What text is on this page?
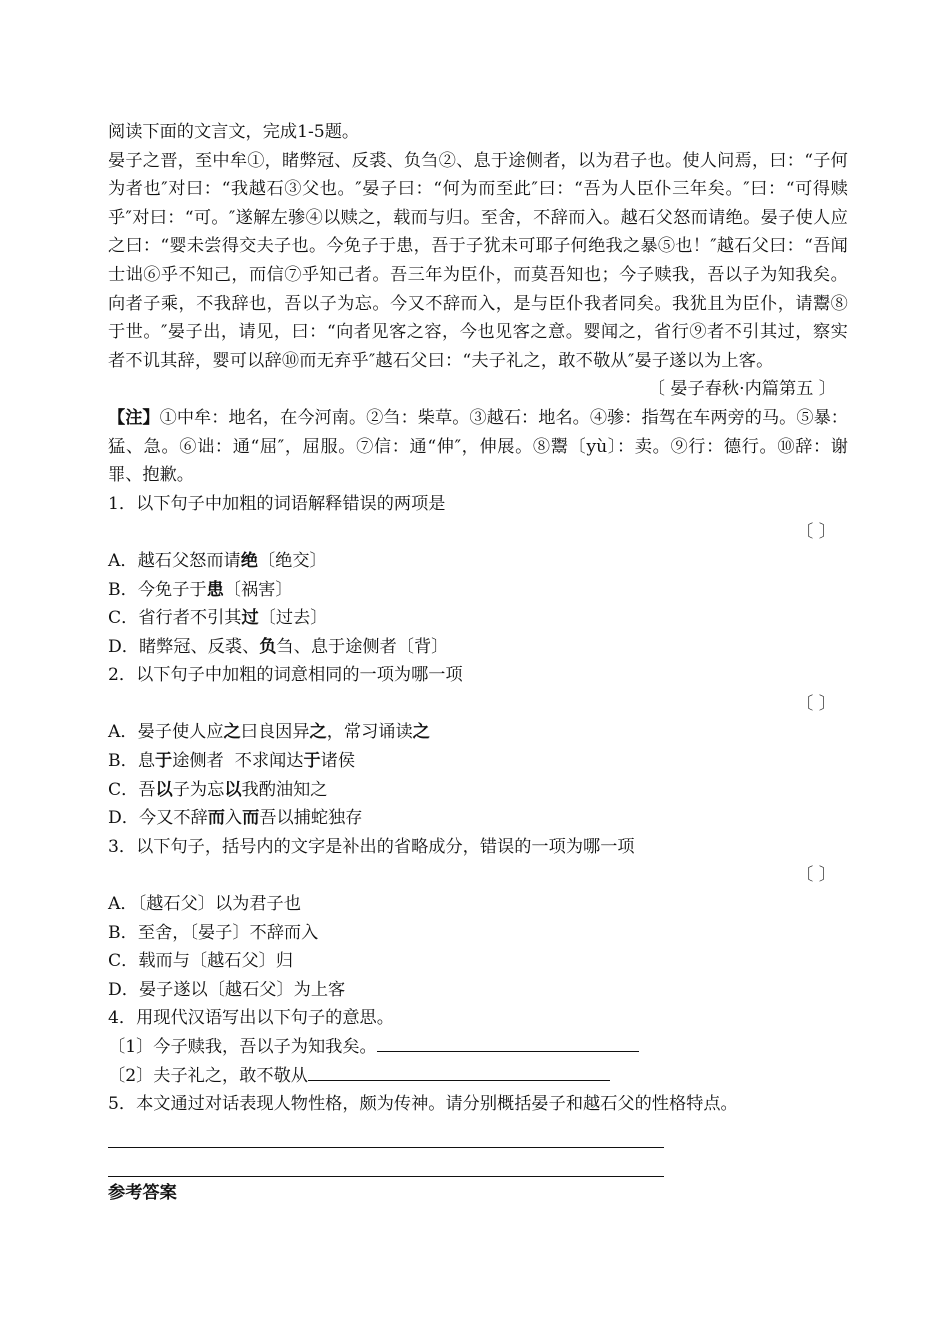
阅读下面的文言文，完成1-5题。
晏子之晋，至中牟①，睹弊冠、反裘、负刍②、息于途侧者，以为君子也。使人问焉，曰：“子何为者也″对曰：“我越石③父也。″晏子曰：“何为而至此″曰：“吾为人臣仆三年矣。″曰：“可得赎乎″对曰：“可。″遂解左骖④以赎之，载而与归。至舍，不辞而入。越石父怒而请绝。晏子使人应之曰：“婴未尝得交夫子也。今免子于患，吾于子犹未可耶子何绝我之暴⑤也！″越石父曰：“吾闻士诎⑥乎不知己，而信⑦乎知己者。吾三年为臣仆，而莫吾知也；今子赎我，吾以子为知我矣。向者子乘，不我辞也，吾以子为忘。今又不辞而入，是与臣仆我者同矣。我犹且为臣仆，请鬻⑧于世。″晏子出，请见，曰：“向者见客之容，今也见客之意。婴闻之，省行⑨者不引其过，察实者不讥其辞，婴可以辞⑩而无弃乎″越石父曰：“夫子礼之，敢不敬从″晏子遂以为上客。
〔 晏子春秋·内篇第五 〕
【注】①中牟：地名，在今河南。②刍：柴草。③越石：地名。④骖：指驾在车两旁的马。⑤暴：猛、急。⑥诎：通“屈″，屈服。⑦信：通“伸″，伸展。⑧鬻〔yù〕：卖。⑨行：德行。⑩辞：谢罪、抱歉。
1．以下句子中加粗的词语解释错误的两项是
〔 〕
A．越石父怒而请绝〔绝交〕
B．今免子于患〔祸害〕
C．省行者不引其过〔过去〕
D．睹弊冠、反裘、负刍、息于途侧者〔背〕
2．以下句子中加粗的词意相同的一项为哪一项
〔 〕
A．晏子使人应之曰良因异之，常习诵读之
B．息于途侧者  不求闻达于诸侯
C．吾以子为忘以我酌油知之
D．今又不辞而入而吾以捕蛇独存
3．以下句子，括号内的文字是补出的省略成分，错误的一项为哪一项
〔 〕
A．〔越石父〕以为君子也
B．至舍，〔晏子〕不辞而入
C．载而与〔越石父〕归
D．晏子遂以〔越石父〕为上客
4．用现代汉语写出以下句子的意思。
〔1〕今子赎我，吾以子为知我矣。
〔2〕夫子礼之，敢不敬从
5．本文通过对话表现人物性格，颇为传神。请分别概括晏子和越石父的性格特点。
参考答案
